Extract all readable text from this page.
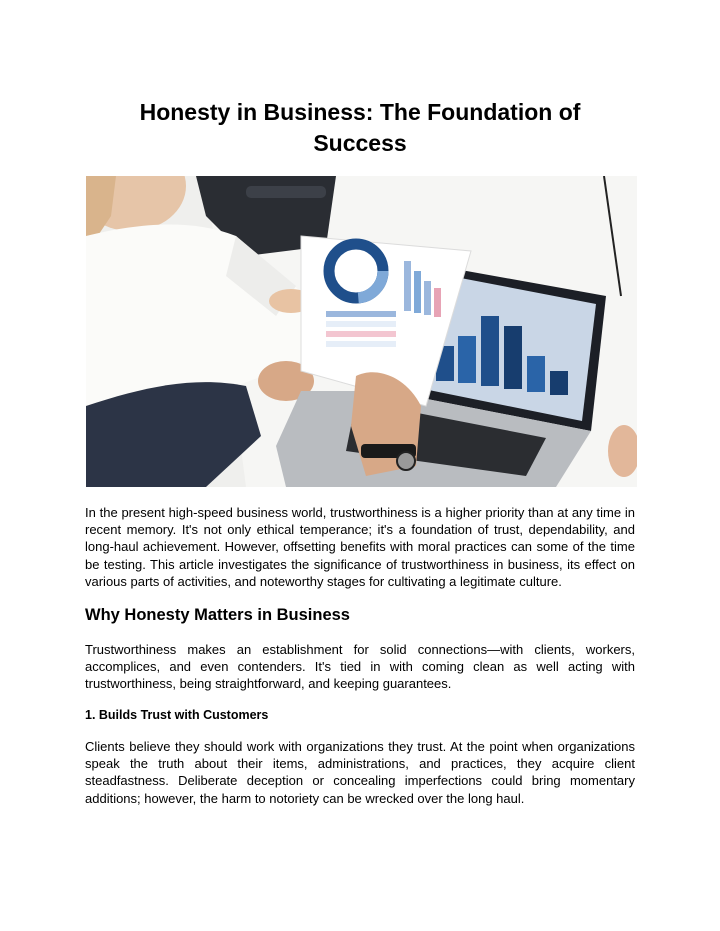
Honesty in Business: The Foundation of
Success

In the present high-speed business world, trustworthiness is a higher priority than at any time in recent memory. It's not only ethical temperance; it's a foundation of trust, dependability, and long-haul achievement. However, offsetting benefits with moral practices can some of the time be testing. This article investigates the significance of trustworthiness in business, its effect on various parts of activities, and noteworthy stages for cultivating a legitimate culture.

Why Honesty Matters in Business

Trustworthiness makes an establishment for solid connections—with clients, workers, accomplices, and even contenders. It's tied in with coming clean as well acting with trustworthiness, being straightforward, and keeping guarantees.

1. Builds Trust with Customers

Clients believe they should work with organizations they trust. At the point when organizations speak the truth about their items, administrations, and practices, they acquire client steadfastness. Deliberate deception or concealing imperfections could bring momentary additions; however, the harm to notoriety can be wrecked over the long haul.
